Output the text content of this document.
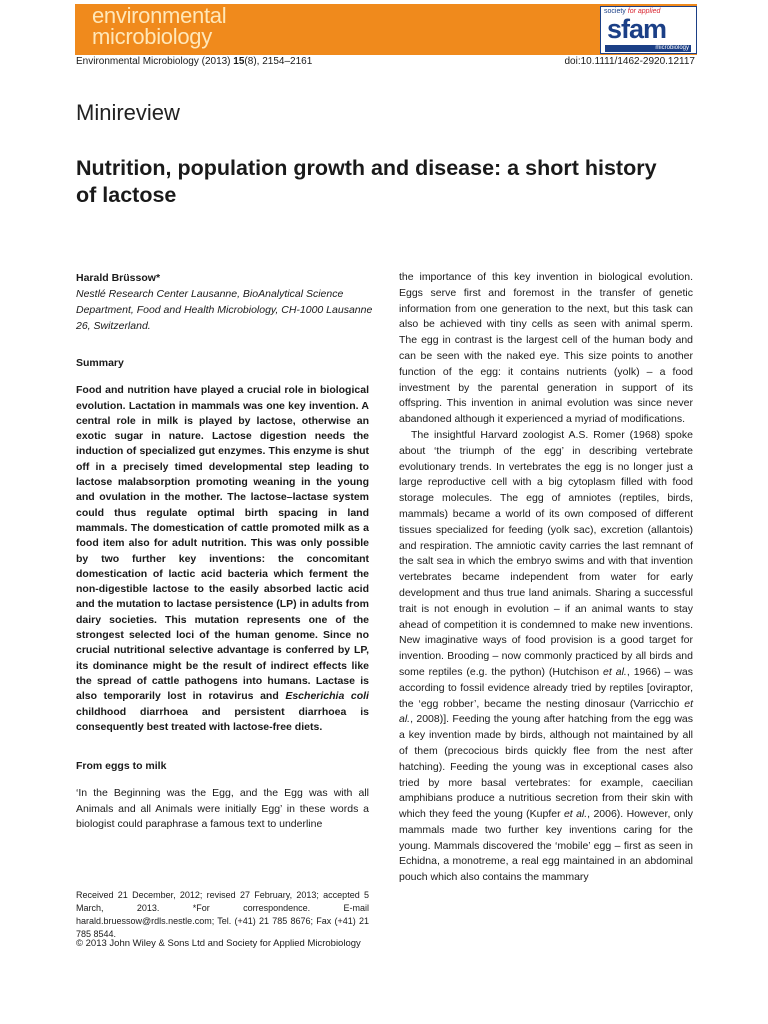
environmental
microbiology
society for applied
sfam
microbiology
Environmental Microbiology (2013) 15(8), 2154–2161	doi:10.1111/1462-2920.12117
Minireview
Nutrition, population growth and disease: a short history of lactose
Harald Brüssow*
Nestlé Research Center Lausanne, BioAnalytical Science Department, Food and Health Microbiology, CH-1000 Lausanne 26, Switzerland.
Summary

Food and nutrition have played a crucial role in biological evolution. Lactation in mammals was one key invention. A central role in milk is played by lactose, otherwise an exotic sugar in nature. Lactose digestion needs the induction of specialized gut enzymes. This enzyme is shut off in a precisely timed developmental step leading to lactose malabsorption promoting weaning in the young and ovulation in the mother. The lactose–lactase system could thus regulate optimal birth spacing in land mammals. The domestication of cattle promoted milk as a food item also for adult nutrition. This was only possible by two further key inventions: the concomitant domestication of lactic acid bacteria which ferment the non-digestible lactose to the easily absorbed lactic acid and the mutation to lactase persistence (LP) in adults from dairy societies. This mutation represents one of the strongest selected loci of the human genome. Since no crucial nutritional selective advantage is conferred by LP, its dominance might be the result of indirect effects like the spread of cattle pathogens into humans. Lactase is also temporarily lost in rotavirus and Escherichia coli childhood diarrhoea and persistent diarrhoea is consequently best treated with lactose-free diets.

From eggs to milk

‘In the Beginning was the Egg, and the Egg was with all Animals and all Animals were initially Egg’ in these words a biologist could paraphrase a famous text to underline

Received 21 December, 2012; revised 27 February, 2013; accepted 5 March, 2013. *For correspondence. E-mail harald.bruessow@rdls.nestle.com; Tel. (+41) 21 785 8676; Fax (+41) 21 785 8544.
© 2013 John Wiley & Sons Ltd and Society for Applied Microbiology

the importance of this key invention in biological evolution. Eggs serve first and foremost in the transfer of genetic information from one generation to the next, but this task can also be achieved with tiny cells as seen with animal sperm. The egg in contrast is the largest cell of the human body and can be seen with the naked eye. This size points to another function of the egg: it contains nutrients (yolk) – a food investment by the parental generation in support of its offspring. This invention in animal evolution was since never abandoned although it experienced a myriad of modifications.

The insightful Harvard zoologist A.S. Romer (1968) spoke about ‘the triumph of the egg’ in describing vertebrate evolutionary trends. In vertebrates the egg is no longer just a large reproductive cell with a big cytoplasm filled with food storage molecules. The egg of amniotes (reptiles, birds, mammals) became a world of its own composed of different tissues specialized for feeding (yolk sac), excretion (allantois) and respiration. The amniotic cavity carries the last remnant of the salt sea in which the embryo swims and with that invention vertebrates became independent from water for early development and thus true land animals. Sharing a successful trait is not enough in evolution – if an animal wants to stay ahead of competition it is condemned to make new inventions. New imaginative ways of food provision is a good target for invention. Brooding – now commonly practiced by all birds and some reptiles (e.g. the python) (Hutchison et al., 1966) – was according to fossil evidence already tried by reptiles [oviraptor, the ‘egg robber’, became the nesting dinosaur (Varricchio et al., 2008)]. Feeding the young after hatching from the egg was a key invention made by birds, although not maintained by all of them (precocious birds quickly flee from the nest after hatching). Feeding the young was in exceptional cases also tried by more basal vertebrates: for example, caecilian amphibians produce a nutritious secretion from their skin with which they feed the young (Kupfer et al., 2006). However, only mammals made two further key inventions caring for the young. Mammals discovered the ‘mobile’ egg – first as seen in Echidna, a monotreme, a real egg maintained in an abdominal pouch which also contains the mammary
